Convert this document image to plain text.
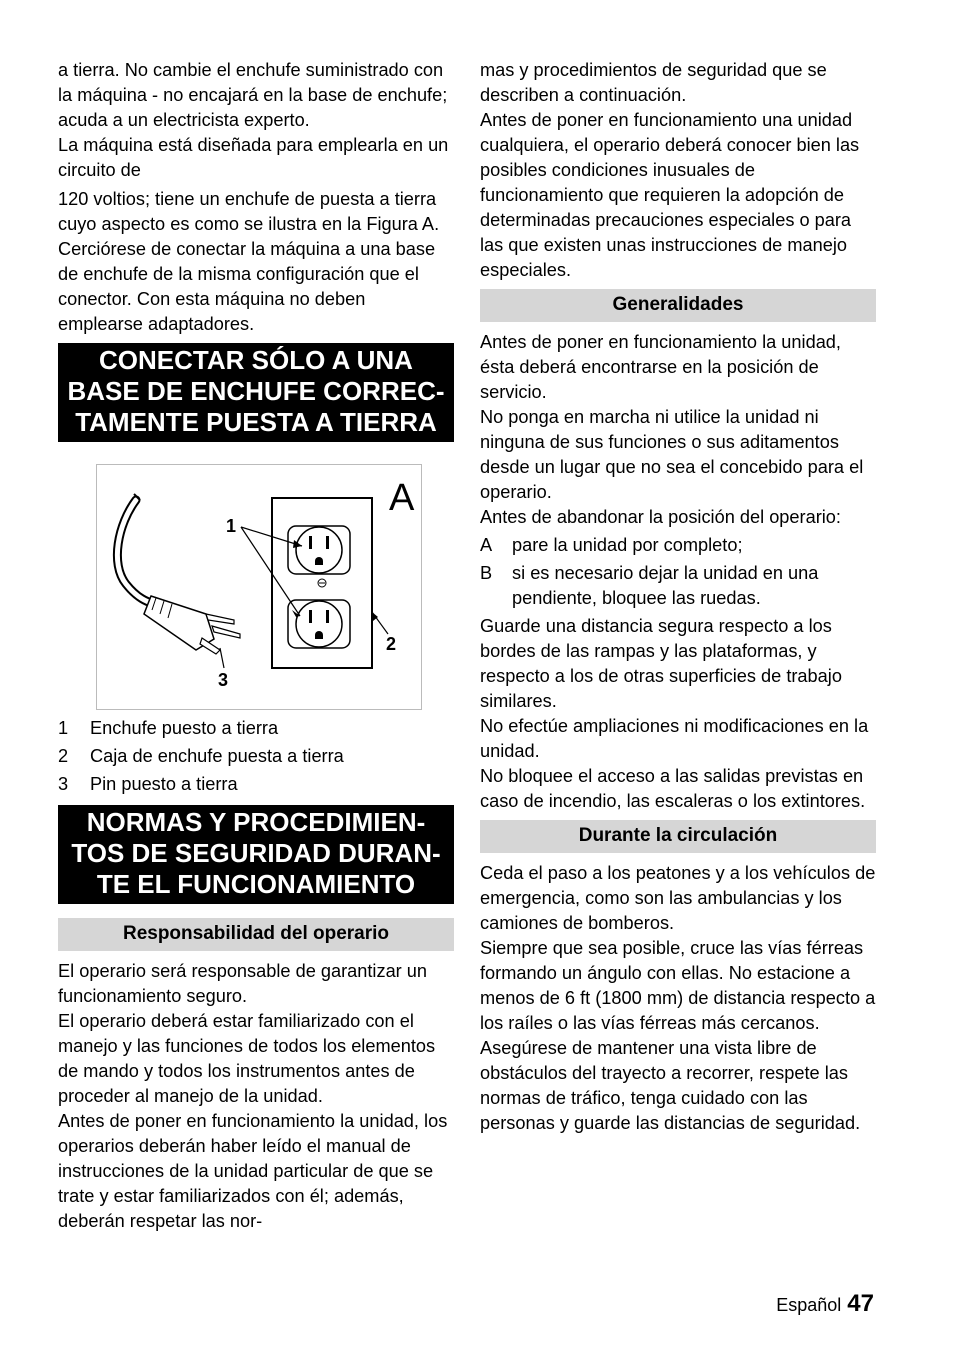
a tierra. No cambie el enchufe suministrado con la máquina - no encajará en la base de enchufe; acuda a un electricista experto.

La máquina está diseñada para emplearla en un circuito de

120 voltios; tiene un enchufe de puesta a tierra cuyo aspecto es como se ilustra en la Figura A. Cerciórese de conectar la máquina a una base de enchufe de la misma configuración que el conector. Con esta máquina no deben emplearse adaptadores.

CONECTAR SÓLO A UNA
BASE DE ENCHUFE CORREC-
TAMENTE PUESTA A TIERRA
A
1
2
3
1 Enchufe puesto a tierra
2 Caja de enchufe puesta a tierra
3 Pin puesto a tierra
NORMAS Y PROCEDIMIEN-
TOS DE SEGURIDAD DURAN-
TE EL FUNCIONAMIENTO
Responsabilidad del operario

El operario será responsable de garantizar un funcionamiento seguro.

El operario deberá estar familiarizado con el manejo y las funciones de todos los elementos de mando y todos los instrumentos antes de proceder al manejo de la unidad.

Antes de poner en funcionamiento la unidad, los operarios deberán haber leído el manual de instrucciones de la unidad particular de que se trate y estar familiarizados con él; además, deberán respetar las nor-

mas y procedimientos de seguridad que se describen a continuación.

Antes de poner en funcionamiento una unidad cualquiera, el operario deberá conocer bien las posibles condiciones inusuales de funcionamiento que requieren la adopción de determinadas precauciones especiales o para las que existen unas instrucciones de manejo especiales.

Generalidades

Antes de poner en funcionamiento la unidad, ésta deberá encontrarse en la posición de servicio.

No ponga en marcha ni utilice la unidad ni ninguna de sus funciones o sus aditamentos desde un lugar que no sea el concebido para el operario.

Antes de abandonar la posición del operario:

A pare la unidad por completo;
B si es necesario dejar la unidad en una pendiente, bloquee las ruedas.

Guarde una distancia segura respecto a los bordes de las rampas y las plataformas, y respecto a los de otras superficies de trabajo similares.

No efectúe ampliaciones ni modificaciones en la unidad.

No bloquee el acceso a las salidas previstas en caso de incendio, las escaleras o los extintores.

Durante la circulación

Ceda el paso a los peatones y a los vehículos de emergencia, como son las ambulancias y los camiones de bomberos.

Siempre que sea posible, cruce las vías férreas formando un ángulo con ellas. No estacione a menos de 6 ft (1800 mm) de distancia respecto a los raíles o las vías férreas más cercanos.

Asegúrese de mantener una vista libre de obstáculos del trayecto a recorrer, respete las normas de tráfico, tenga cuidado con las personas y guarde las distancias de seguridad.

Español 47
